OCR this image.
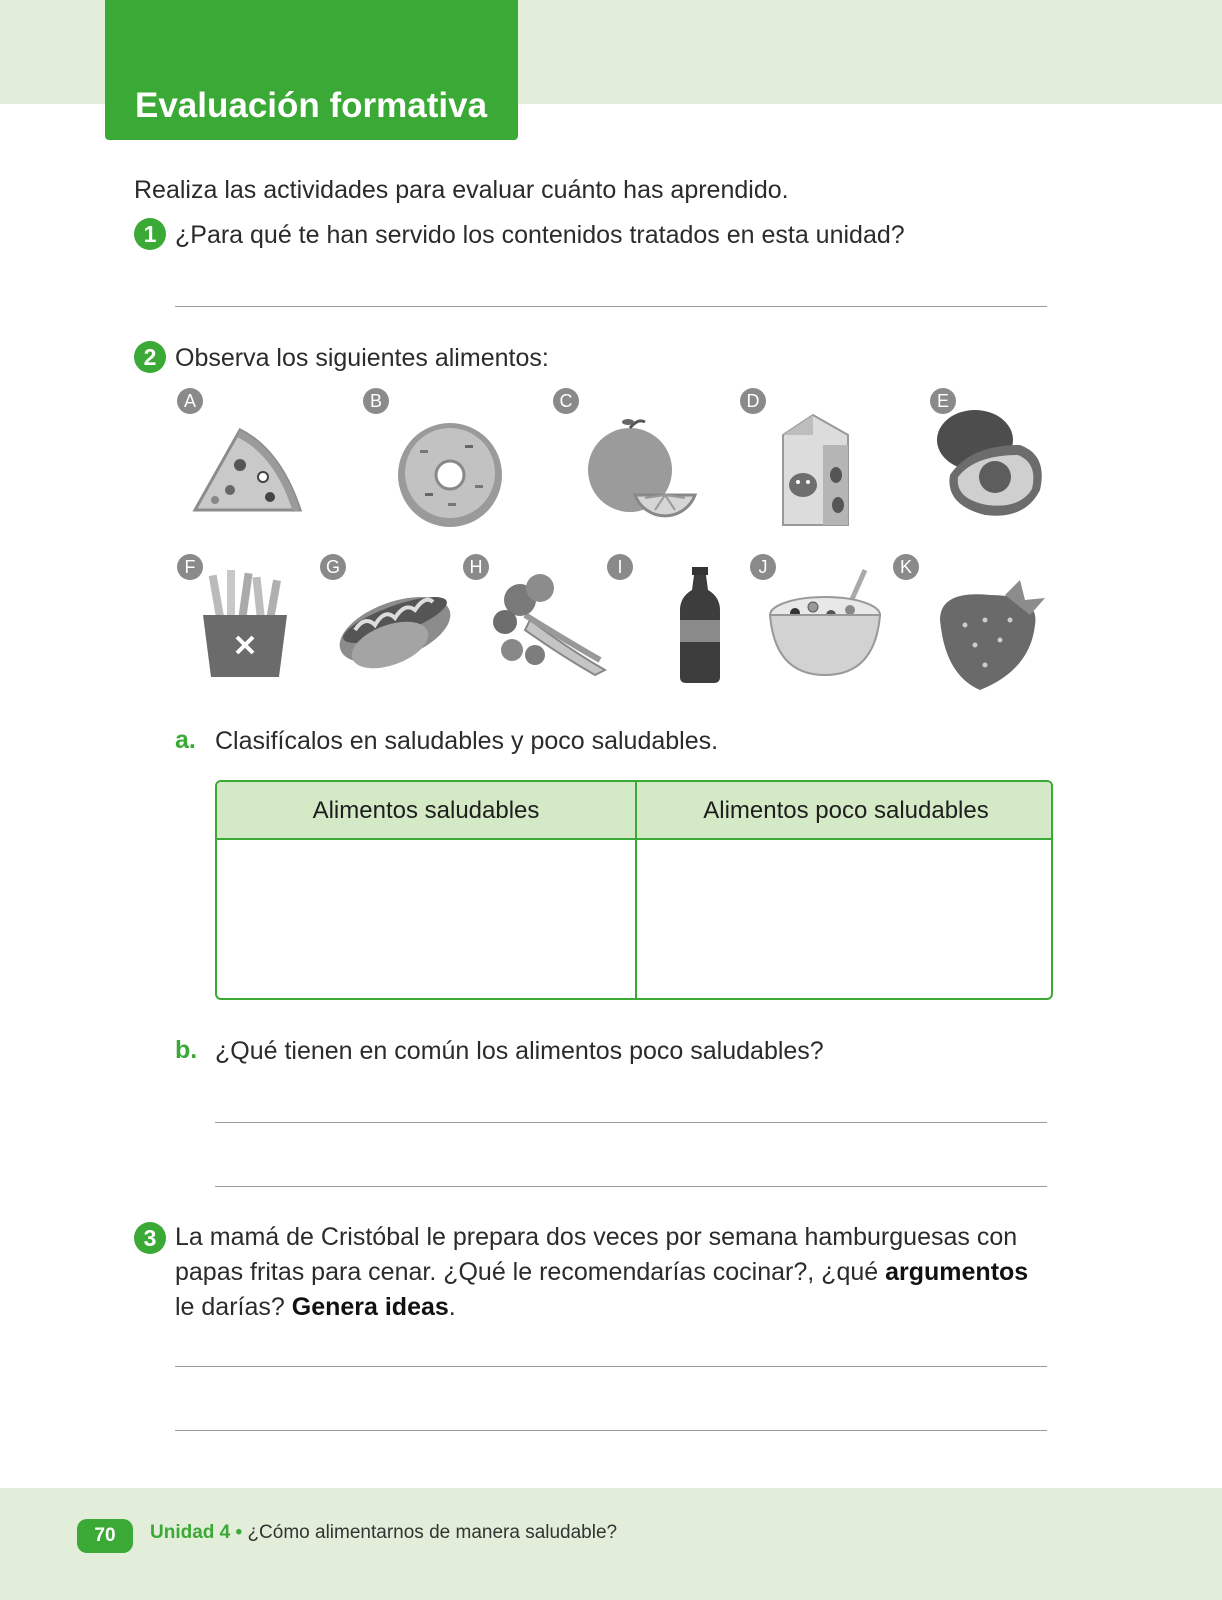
Evaluación formativa
Realiza las actividades para evaluar cuánto has aprendido.
1 ¿Para qué te han servido los contenidos tratados en esta unidad?
2 Observa los siguientes alimentos:
A	B	C	D	E
F	G	H	I	J	K
a. Clasifícalos en saludables y poco saludables.
Alimentos saludables	Alimentos poco saludables
b. ¿Qué tienen en común los alimentos poco saludables?
3 La mamá de Cristóbal le prepara dos veces por semana hamburguesas con
papas fritas para cenar. ¿Qué le recomendarías cocinar?, ¿qué argumentos
le darías? Genera ideas.
70	Unidad 4 • ¿Cómo alimentarnos de manera saludable?
